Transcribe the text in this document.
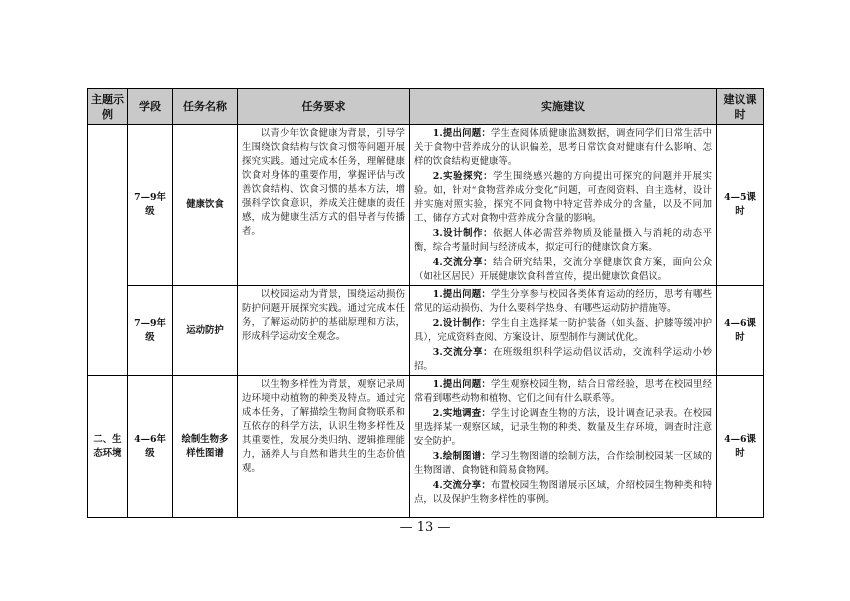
主题示例	学段	任务名称	任务要求	实施建议	建议课时
	7—9年级	健康饮食	以青少年饮食健康为背景，引导学生围绕饮食结构与饮食习惯等问题开展探究实践。通过完成本任务，理解健康饮食对身体的重要作用，掌握评估与改善饮食结构、饮食习惯的基本方法，增强科学饮食意识，养成关注健康的责任感，成为健康生活方式的倡导者与传播者。	1.提出问题：学生查阅体质健康监测数据，调查同学们日常生活中关于食物中营养成分的认识偏差，思考日常饮食对健康有什么影响、怎样的饮食结构更健康等。

2.实验探究：学生围绕感兴趣的方向提出可探究的问题并开展实验。如，针对“食物营养成分变化”问题，可查阅资料、自主选材，设计并实施对照实验，探究不同食物中特定营养成分的含量，以及不同加工、储存方式对食物中营养成分含量的影响。

3.设计制作：依据人体必需营养物质及能量摄入与消耗的动态平衡，综合考量时间与经济成本，拟定可行的健康饮食方案。

4.交流分享：结合研究结果，交流分享健康饮食方案，面向公众（如社区居民）开展健康饮食科普宣传，提出健康饮食倡议。	4—5课时
	7—9年级	运动防护	以校园运动为背景，围绕运动损伤防护问题开展探究实践。通过完成本任务，了解运动防护的基础原理和方法，形成科学运动安全观念。	1.提出问题：学生分享参与校园各类体育运动的经历，思考有哪些常见的运动损伤、为什么要科学热身、有哪些运动防护措施等。

2.设计制作：学生自主选择某一防护装备（如头盔、护膝等缓冲护具），完成资料查阅、方案设计、原型制作与测试优化。

3.交流分享：在班级组织科学运动倡议活动，交流科学运动小妙招。	4—6课时
二、生态环境	4—6年级	绘制生物多样性图谱	以生物多样性为背景，观察记录周边环境中动植物的种类及特点。通过完成本任务，了解描绘生物间食物联系和互依存的科学方法，认识生物多样性及其重要性，发展分类归纳、逻辑推理能力，涵养人与自然和谐共生的生态价值观。	1.提出问题：学生观察校园生物，结合日常经验，思考在校园里经常看到哪些动物和植物、它们之间有什么联系等。

2.实地调查：学生讨论调查生物的方法，设计调查记录表。在校园里选择某一观察区域，记录生物的种类、数量及生存环境，调查时注意安全防护。

3.绘制图谱：学习生物图谱的绘制方法，合作绘制校园某一区域的生物图谱、食物链和简易食物网。

4.交流分享：布置校园生物图谱展示区域，介绍校园生物种类和特点，以及保护生物多样性的事例。	4—6课时
— 13 —
